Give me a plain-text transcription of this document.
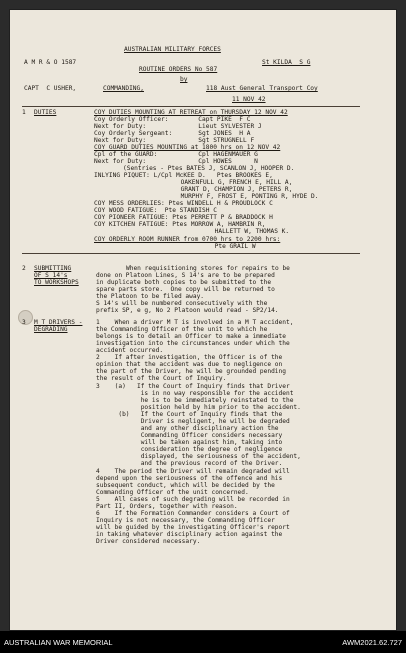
A M R & O 1587
AUSTRALIAN MILITARY FORCES
St KILDA  S G
ROUTINE ORDERS No 587
by
CAPT  C USHER,	COMMANDING,	118 Aust General Transport Coy
11 NOV 42
1 DUTIES	COY DUTIES MOUNTING AT RETREAT on THURSDAY 12 NOV 42
Coy Orderly Officer:        Capt PIKE  F C
Next for Duty:              Lieut SYLVESTER J
Coy Orderly Sergeant:       Sgt JONES  H A
Next for Duty:              Sgt STRUGNELL F
COY GUARD DUTIES MOUNTING at 1800 hrs on 12 NOV 42
Cpl of the GUARD:           Cpl HAGENMAUER G
Next for Duty:              Cpl HOWES      N
(Sentries - Ptes BATES J, SCANLON J, HOOPER D.
INLYING PIQUET: L/Cpl McKEE D.   Ptes BROOKES E,
OAKENFULL G, FRENCH E, HILL A,
GRANT D, CHAMPION J, PETERS R,
MURPHY F, FROST E, PONTING R, HYDE D.
COY MESS ORDERLIES: Ptes WINDELL H & PROUDLOCK C
COY WOOD FATIGUE:  Pte STANDISH C
COY PIONEER FATIGUE: Ptes PERRETT P & BRADDOCK H
COY KITCHEN FATIGUE: Ptes MORROW A, HAMBRIN R,
HALLETT W, THOMAS K.
COY ORDERLY ROOM RUNNER from 0700 hrs to 2200 hrs:
Pte GRAIL W
2 SUBMITTING
OF S 14's
TO WORKSHOPS
When requisitioning stores for repairs to be
done on Platoon Lines, S 14's are to be prepared
in duplicate both copies to be submitted to the
spare parts store.  One copy will be returned to
the Platoon to be filed away.
S 14's will be numbered consecutively with the
prefix SP, e g, No 2 Platoon would read - SP2/14.
3 M T DRIVERS -
DEGRADING
1    When a driver M T is involved in a M T accident,
the Commanding Officer of the unit to which he
belongs is to detail an Officer to make a immediate
investigation into the circumstances under which the
accident occurred.
2    If after investigation, the Officer is of the
opinion that the accident was due to negligence on
the part of the Driver, he will be grounded pending
the result of the Court of Inquiry.
3    (a)   If the Court of Inquiry finds that Driver
is in no way responsible for the accident
he is to be immediately reinstated to the
position held by him prior to the accident.
(b)   If the Court of Inquiry finds that the
Driver is negligent, he will be degraded
and any other disciplinary action the
Commanding Officer considers necessary
will be taken against him, taking into
consideration the degree of negligence
displayed, the seriousness of the accident,
and the previous record of the Driver.
4    The period the Driver will remain degraded will
depend upon the seriousness of the offence and his
subsequent conduct, which will be decided by the
Commanding Officer of the unit concerned.
5    All cases of such degrading will be recorded in
Part II, Orders, together with reason.
6    If the Formation Commander considers a Court of
Inquiry is not necessary, the Commanding Officer
will be guided by the investigating Officer's report
in taking whatever disciplinary action against the
Driver considered necessary.
AUSTRALIAN WAR MEMORIAL	AWM2021.62.727
